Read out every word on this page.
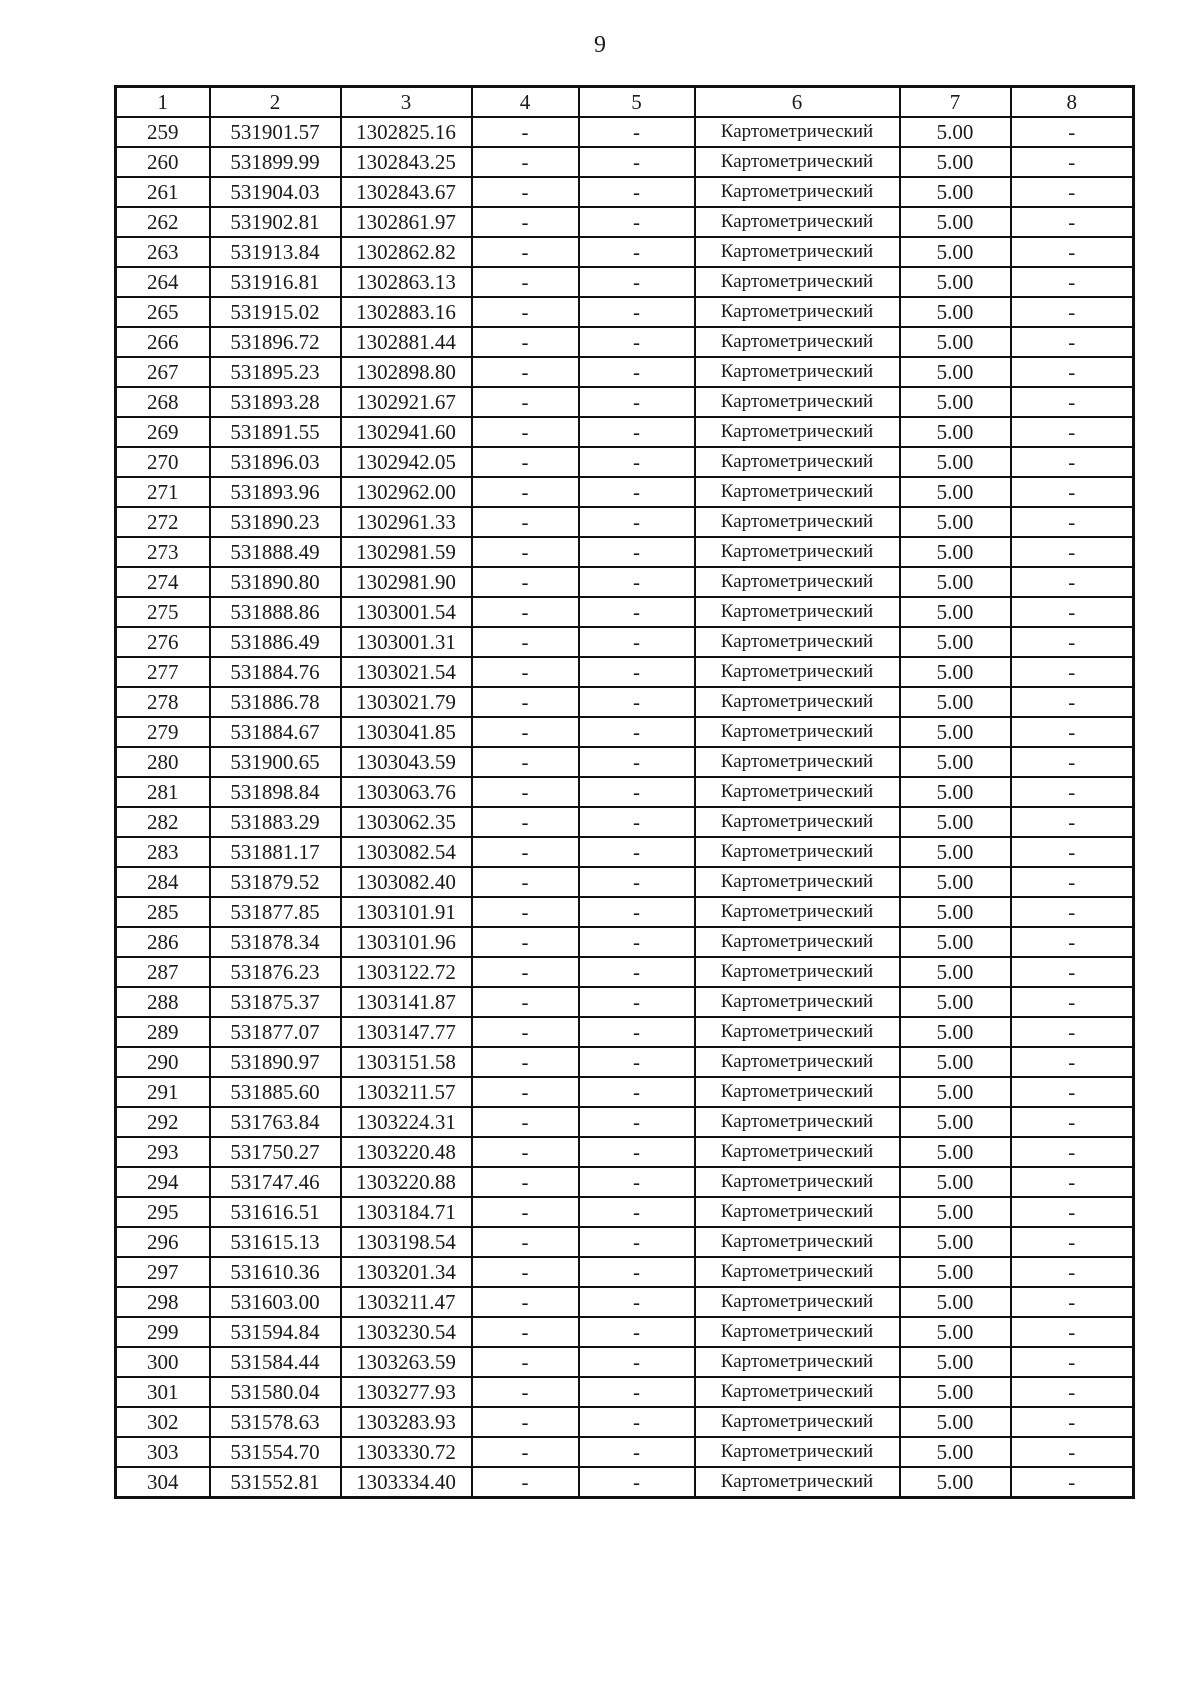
9
1	2	3	4	5	6	7	8
259	531901.57	1302825.16	-	-	Картометрический	5.00	-
260	531899.99	1302843.25	-	-	Картометрический	5.00	-
261	531904.03	1302843.67	-	-	Картометрический	5.00	-
262	531902.81	1302861.97	-	-	Картометрический	5.00	-
263	531913.84	1302862.82	-	-	Картометрический	5.00	-
264	531916.81	1302863.13	-	-	Картометрический	5.00	-
265	531915.02	1302883.16	-	-	Картометрический	5.00	-
266	531896.72	1302881.44	-	-	Картометрический	5.00	-
267	531895.23	1302898.80	-	-	Картометрический	5.00	-
268	531893.28	1302921.67	-	-	Картометрический	5.00	-
269	531891.55	1302941.60	-	-	Картометрический	5.00	-
270	531896.03	1302942.05	-	-	Картометрический	5.00	-
271	531893.96	1302962.00	-	-	Картометрический	5.00	-
272	531890.23	1302961.33	-	-	Картометрический	5.00	-
273	531888.49	1302981.59	-	-	Картометрический	5.00	-
274	531890.80	1302981.90	-	-	Картометрический	5.00	-
275	531888.86	1303001.54	-	-	Картометрический	5.00	-
276	531886.49	1303001.31	-	-	Картометрический	5.00	-
277	531884.76	1303021.54	-	-	Картометрический	5.00	-
278	531886.78	1303021.79	-	-	Картометрический	5.00	-
279	531884.67	1303041.85	-	-	Картометрический	5.00	-
280	531900.65	1303043.59	-	-	Картометрический	5.00	-
281	531898.84	1303063.76	-	-	Картометрический	5.00	-
282	531883.29	1303062.35	-	-	Картометрический	5.00	-
283	531881.17	1303082.54	-	-	Картометрический	5.00	-
284	531879.52	1303082.40	-	-	Картометрический	5.00	-
285	531877.85	1303101.91	-	-	Картометрический	5.00	-
286	531878.34	1303101.96	-	-	Картометрический	5.00	-
287	531876.23	1303122.72	-	-	Картометрический	5.00	-
288	531875.37	1303141.87	-	-	Картометрический	5.00	-
289	531877.07	1303147.77	-	-	Картометрический	5.00	-
290	531890.97	1303151.58	-	-	Картометрический	5.00	-
291	531885.60	1303211.57	-	-	Картометрический	5.00	-
292	531763.84	1303224.31	-	-	Картометрический	5.00	-
293	531750.27	1303220.48	-	-	Картометрический	5.00	-
294	531747.46	1303220.88	-	-	Картометрический	5.00	-
295	531616.51	1303184.71	-	-	Картометрический	5.00	-
296	531615.13	1303198.54	-	-	Картометрический	5.00	-
297	531610.36	1303201.34	-	-	Картометрический	5.00	-
298	531603.00	1303211.47	-	-	Картометрический	5.00	-
299	531594.84	1303230.54	-	-	Картометрический	5.00	-
300	531584.44	1303263.59	-	-	Картометрический	5.00	-
301	531580.04	1303277.93	-	-	Картометрический	5.00	-
302	531578.63	1303283.93	-	-	Картометрический	5.00	-
303	531554.70	1303330.72	-	-	Картометрический	5.00	-
304	531552.81	1303334.40	-	-	Картометрический	5.00	-
